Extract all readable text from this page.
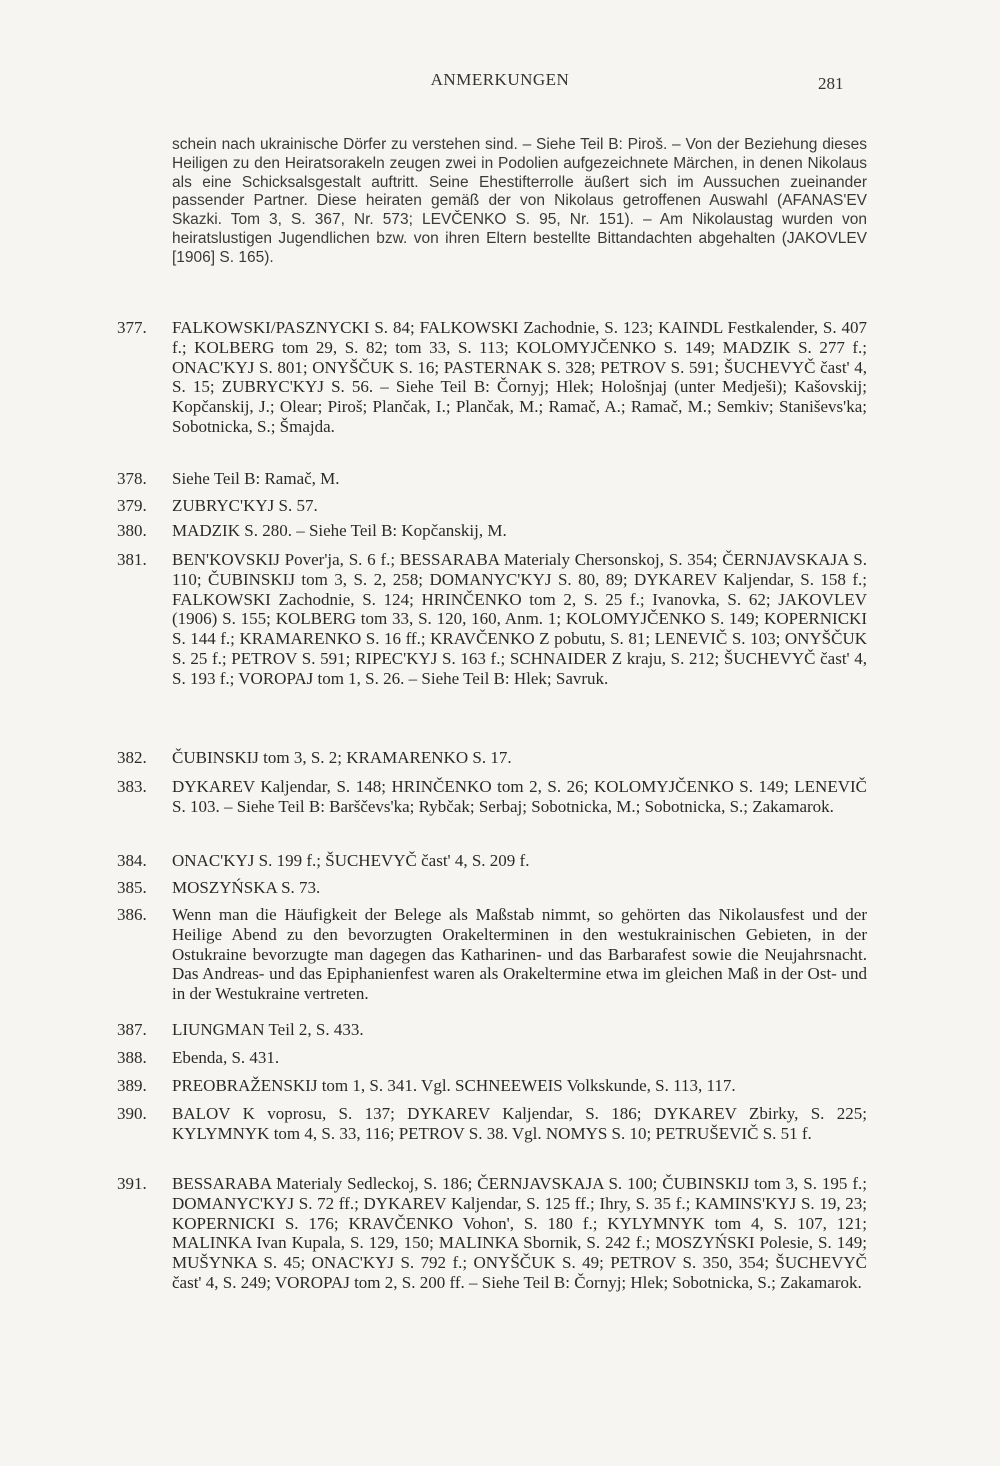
ANMERKUNGEN	281
schein nach ukrainische Dörfer zu verstehen sind. – Siehe Teil B: Piroš. – Von der Beziehung dieses Heiligen zu den Heiratsorakeln zeugen zwei in Podolien aufgezeichnete Märchen, in denen Nikolaus als eine Schicksalsgestalt auftritt. Seine Ehestifterrolle äußert sich im Aussuchen zueinander passender Partner. Diese heiraten gemäß der von Nikolaus getroffenen Auswahl (AFANAS'EV Skazki. Tom 3, S. 367, Nr. 573; LEVČENKO S. 95, Nr. 151). – Am Nikolaustag wurden von heiratslustigen Jugendlichen bzw. von ihren Eltern bestellte Bittandachten abgehalten (JAKOVLEV [1906] S. 165).
377.	FALKOWSKI/PASZNYCKI S. 84; FALKOWSKI Zachodnie, S. 123; KAINDL Festkalender, S. 407 f.; KOLBERG tom 29, S. 82; tom 33, S. 113; KOLOMYJČENKO S. 149; MADZIK S. 277 f.; ONAC'KYJ S. 801; ONYŠČUK S. 16; PASTERNAK S. 328; PETROV S. 591; ŠUCHEVYČ čast' 4, S. 15; ZUBRYC'KYJ S. 56. – Siehe Teil B: Čornyj; Hlek; Hološnjaj (unter Medješi); Kašovskij; Kopčanskij, J.; Olear; Piroš; Plančak, I.; Plančak, M.; Ramač, A.; Ramač, M.; Semkiv; Staniševs'ka; Sobotnicka, S.; Šmajda.
378.	Siehe Teil B: Ramač, M.
379.	ZUBRYC'KYJ S. 57.
380.	MADZIK S. 280. – Siehe Teil B: Kopčanskij, M.
381.	BEN'KOVSKIJ Pover'ja, S. 6 f.; BESSARABA Materialy Chersonskoj, S. 354; ČERNJAVSKAJA S. 110; ČUBINSKIJ tom 3, S. 2, 258; DOMANYC'KYJ S. 80, 89; DYKAREV Kaljendar, S. 158 f.; FALKOWSKI Zachodnie, S. 124; HRINČENKO tom 2, S. 25 f.; Ivanovka, S. 62; JAKOVLEV (1906) S. 155; KOLBERG tom 33, S. 120, 160, Anm. 1; KOLOMYJČENKO S. 149; KOPERNICKI S. 144 f.; KRAMARENKO S. 16 ff.; KRAVČENKO Z pobutu, S. 81; LENEVIČ S. 103; ONYŠČUK S. 25 f.; PETROV S. 591; RIPEC'KYJ S. 163 f.; SCHNAIDER Z kraju, S. 212; ŠUCHEVYČ čast' 4, S. 193 f.; VOROPAJ tom 1, S. 26. – Siehe Teil B: Hlek; Savruk.
382.	ČUBINSKIJ tom 3, S. 2; KRAMARENKO S. 17.
383.	DYKAREV Kaljendar, S. 148; HRINČENKO tom 2, S. 26; KOLOMYJČENKO S. 149; LENEVIČ S. 103. – Siehe Teil B: Barščevs'ka; Rybčak; Serbaj; Sobotnicka, M.; Sobotnicka, S.; Zakamarok.
384.	ONAC'KYJ S. 199 f.; ŠUCHEVYČ čast' 4, S. 209 f.
385.	MOSZYŃSKA S. 73.
386.	Wenn man die Häufigkeit der Belege als Maßstab nimmt, so gehörten das Nikolausfest und der Heilige Abend zu den bevorzugten Orakelterminen in den westukrainischen Gebieten, in der Ostukraine bevorzugte man dagegen das Katharinen- und das Barbarafest sowie die Neujahrsnacht. Das Andreas- und das Epiphanienfest waren als Orakeltermine etwa im gleichen Maß in der Ost- und in der Westukraine vertreten.
387.	LIUNGMAN Teil 2, S. 433.
388.	Ebenda, S. 431.
389.	PREOBRAŽENSKIJ tom 1, S. 341. Vgl. SCHNEEWEIS Volkskunde, S. 113, 117.
390.	BALOV K voprosu, S. 137; DYKAREV Kaljendar, S. 186; DYKAREV Zbirky, S. 225; KYLYMNYK tom 4, S. 33, 116; PETROV S. 38. Vgl. NOMYS S. 10; PETRUŠEVIČ S. 51 f.
391.	BESSARABA Materialy Sedleckoj, S. 186; ČERNJAVSKAJA S. 100; ČUBINSKIJ tom 3, S. 195 f.; DOMANYC'KYJ S. 72 ff.; DYKAREV Kaljendar, S. 125 ff.; Ihry, S. 35 f.; KAMINS'KYJ S. 19, 23; KOPERNICKI S. 176; KRAVČENKO Vohon', S. 180 f.; KYLYMNYK tom 4, S. 107, 121; MALINKA Ivan Kupala, S. 129, 150; MALINKA Sbornik, S. 242 f.; MOSZYŃSKI Polesie, S. 149; MUŠYNKA S. 45; ONAC'KYJ S. 792 f.; ONYŠČUK S. 49; PETROV S. 350, 354; ŠUCHEVYČ čast' 4, S. 249; VOROPAJ tom 2, S. 200 ff. – Siehe Teil B: Čornyj; Hlek; Sobotnicka, S.; Zakamarok.
